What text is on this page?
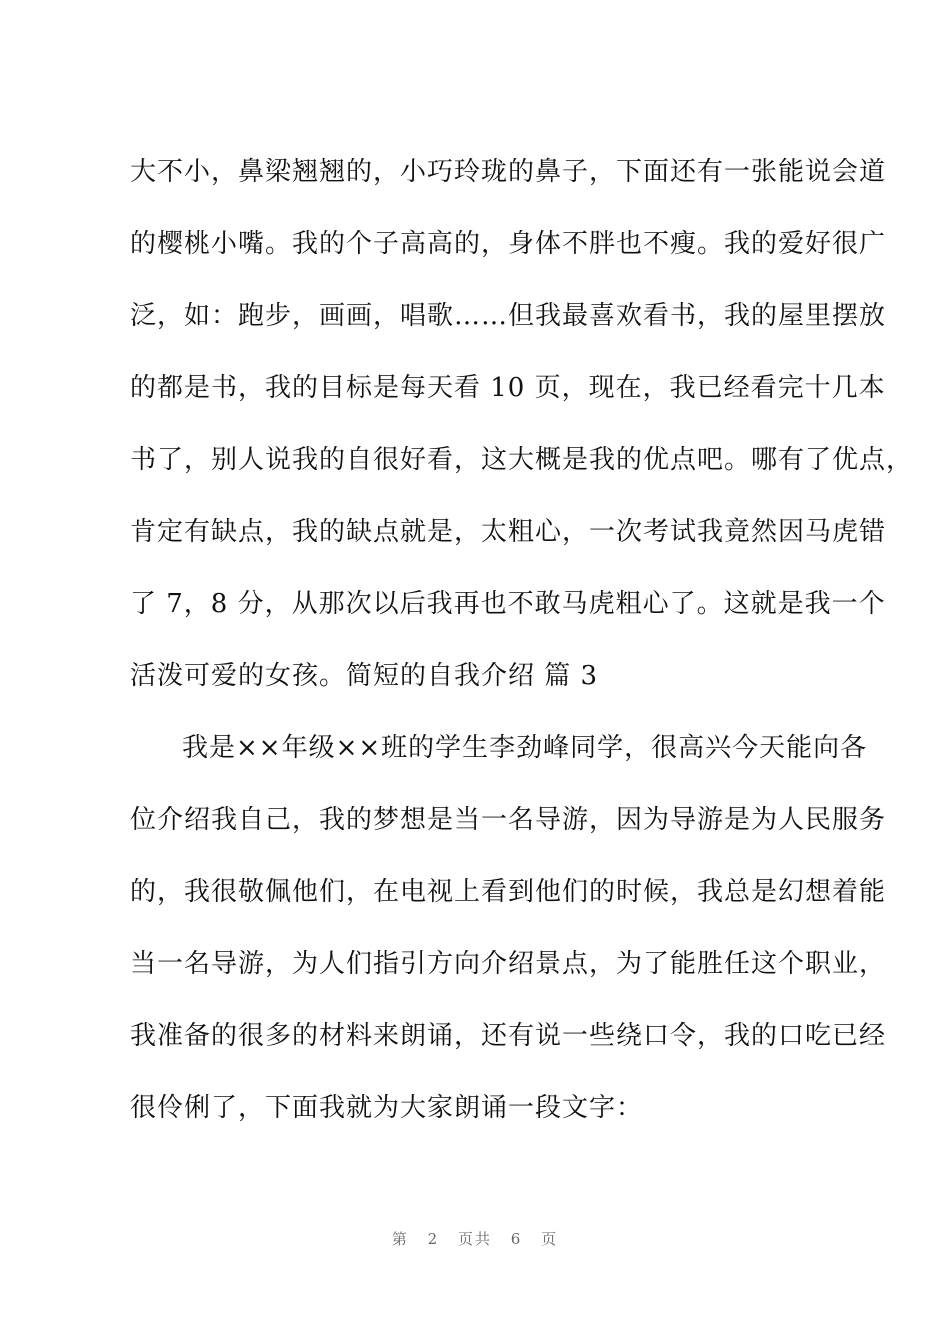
大不小，鼻梁翘翘的，小巧玲珑的鼻子，下面还有一张能说会道
的樱桃小嘴。我的个子高高的，身体不胖也不瘦。我的爱好很广
泛，如：跑步，画画，唱歌……但我最喜欢看书，我的屋里摆放
的都是书，我的目标是每天看 10 页，现在，我已经看完十几本
书了，别人说我的自很好看，这大概是我的优点吧。哪有了优点，
肯定有缺点，我的缺点就是，太粗心，一次考试我竟然因马虎错
了 7，8 分，从那次以后我再也不敢马虎粗心了。这就是我一个
活泼可爱的女孩。简短的自我介绍 篇 3
我是××年级××班的学生李劲峰同学，很高兴今天能向各
位介绍我自己，我的梦想是当一名导游，因为导游是为人民服务
的，我很敬佩他们，在电视上看到他们的时候，我总是幻想着能
当一名导游，为人们指引方向介绍景点，为了能胜任这个职业，
我准备的很多的材料来朗诵，还有说一些绕口令，我的口吃已经
很伶俐了，下面我就为大家朗诵一段文字：
第 2 页共 6 页
